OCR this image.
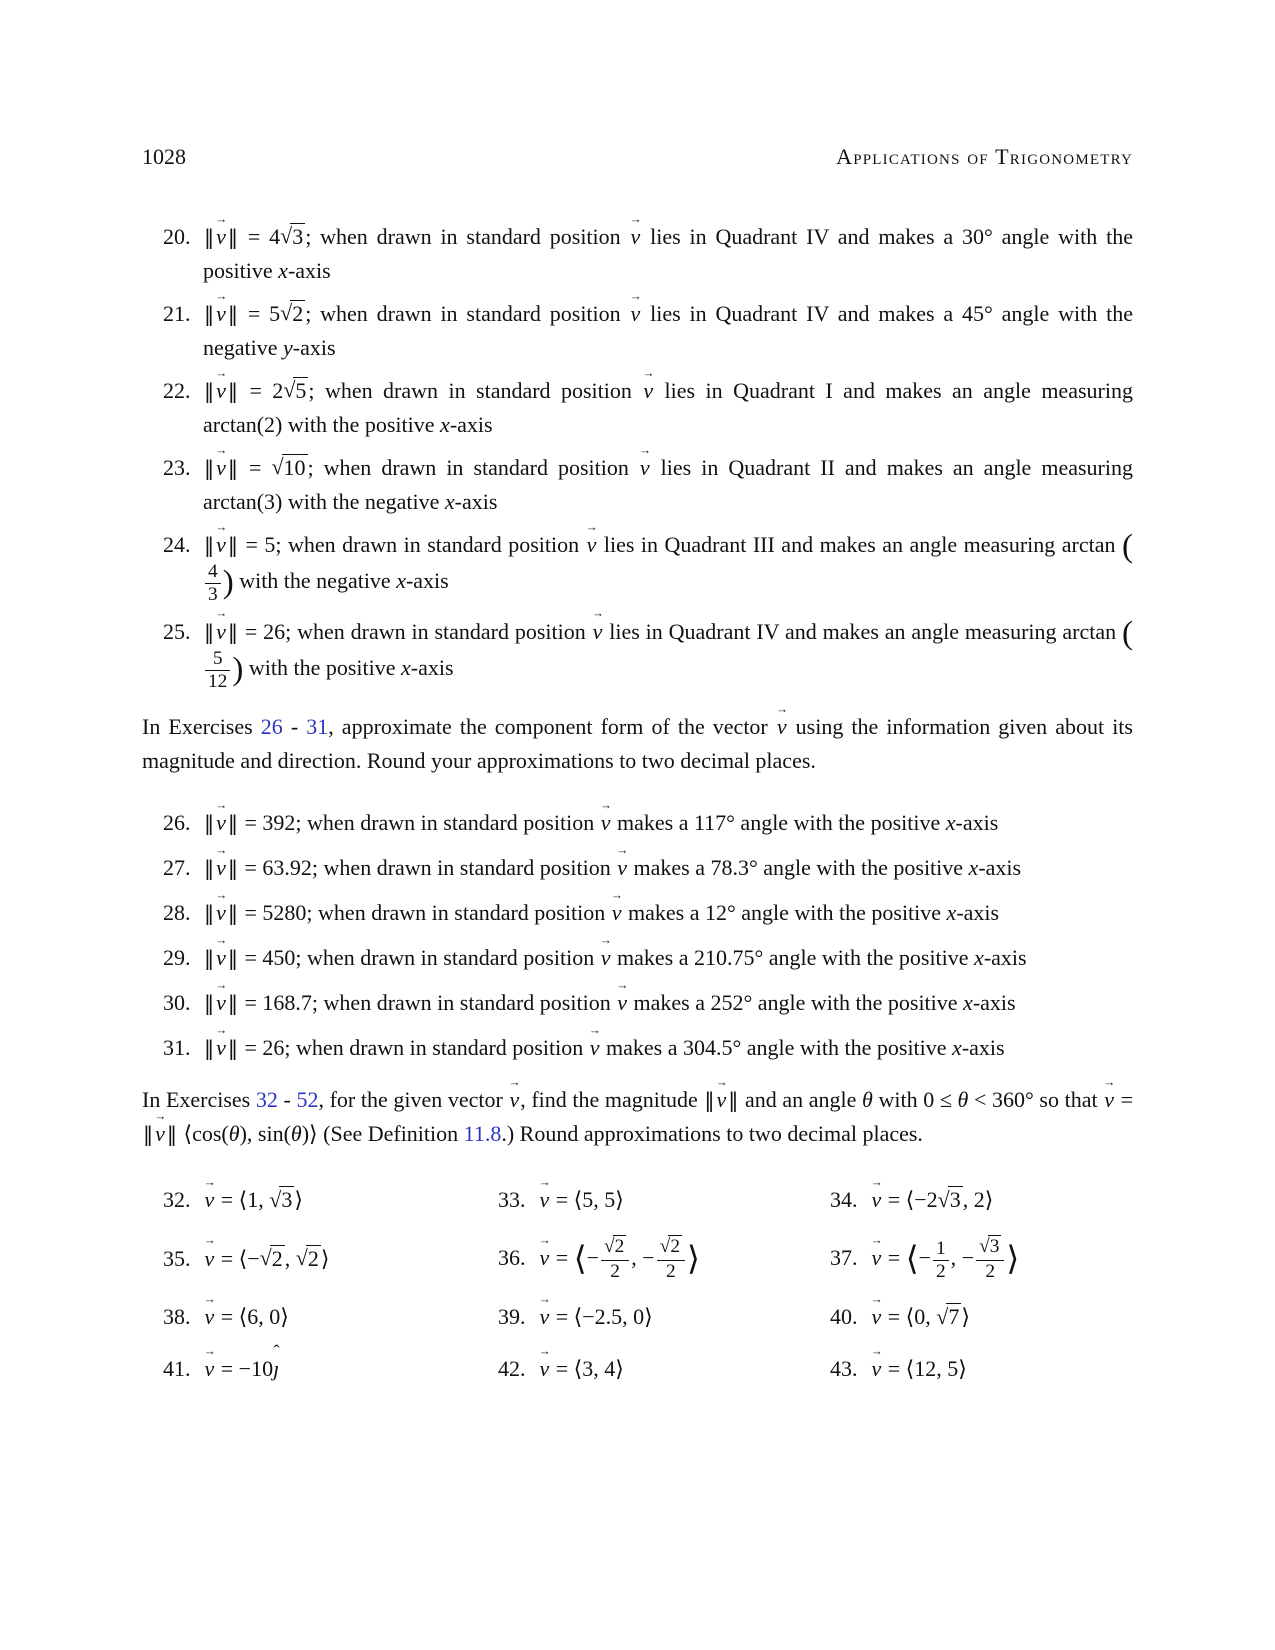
1028	Applications of Trigonometry
20. ‖v →‖ = 4√3; when drawn in standard position v → lies in Quadrant IV and makes a 30° angle with the positive x-axis
21. ‖v →‖ = 5√2; when drawn in standard position v → lies in Quadrant IV and makes a 45° angle with the negative y-axis
22. ‖v →‖ = 2√5; when drawn in standard position v → lies in Quadrant I and makes an angle measuring arctan(2) with the positive x-axis
23. ‖v →‖ = √10; when drawn in standard position v → lies in Quadrant II and makes an angle measuring arctan(3) with the negative x-axis
24. ‖v →‖ = 5; when drawn in standard position v → lies in Quadrant III and makes an angle measuring arctan (
$\frac{4}{3}$ ) with the negative x-axis
25. ‖v →‖ = 26; when drawn in standard position v → lies in Quadrant IV and makes an angle measuring arctan (
$\frac{5}{12}$ ) with the positive x-axis

In Exercises 26 - 31, approximate the component form of the vector v → using the information given about its magnitude and direction. Round your approximations to two decimal places.

26. ‖v →‖ = 392; when drawn in standard position v → makes a 117° angle with the positive x-axis
27. ‖v →‖ = 63.92; when drawn in standard position v → makes a 78.3° angle with the positive x-axis
28. ‖v →‖ = 5280; when drawn in standard position v → makes a 12° angle with the positive x-axis
29. ‖v →‖ = 450; when drawn in standard position v → makes a 210.75° angle with the positive x-axis
30. ‖v →‖ = 168.7; when drawn in standard position v → makes a 252° angle with the positive x-axis
31. ‖v →‖ = 26; when drawn in standard position v → makes a 304.5° angle with the positive x-axis

In Exercises 32 - 52, for the given vector v →, find the magnitude ‖v →‖ and an angle θ with 0 ≤ θ < 360° so that v → = ‖v →‖ ⟨cos(θ), sin(θ)⟩ (See Definition 11.8.) Round approximations to two decimal places.

32. v → = ⟨1, √3⟩	33. v → = ⟨5, 5⟩	34. v → = ⟨−2√3, 2⟩
35. v → = ⟨−√2, √2⟩	36. v → = ⟨− $\frac{√2}{2}$ , − $\frac{√2}{2}$ ⟩	37. v → = ⟨− $\frac{1}{2}$ , − $\frac{√3}{2}$ ⟩
38. v → = ⟨6, 0⟩	39. v → = ⟨−2.5, 0⟩	40. v → = ⟨0, √7⟩
41. v → = −10ȷ ˆ	42. v → = ⟨3, 4⟩	43. v → = ⟨12, 5⟩
